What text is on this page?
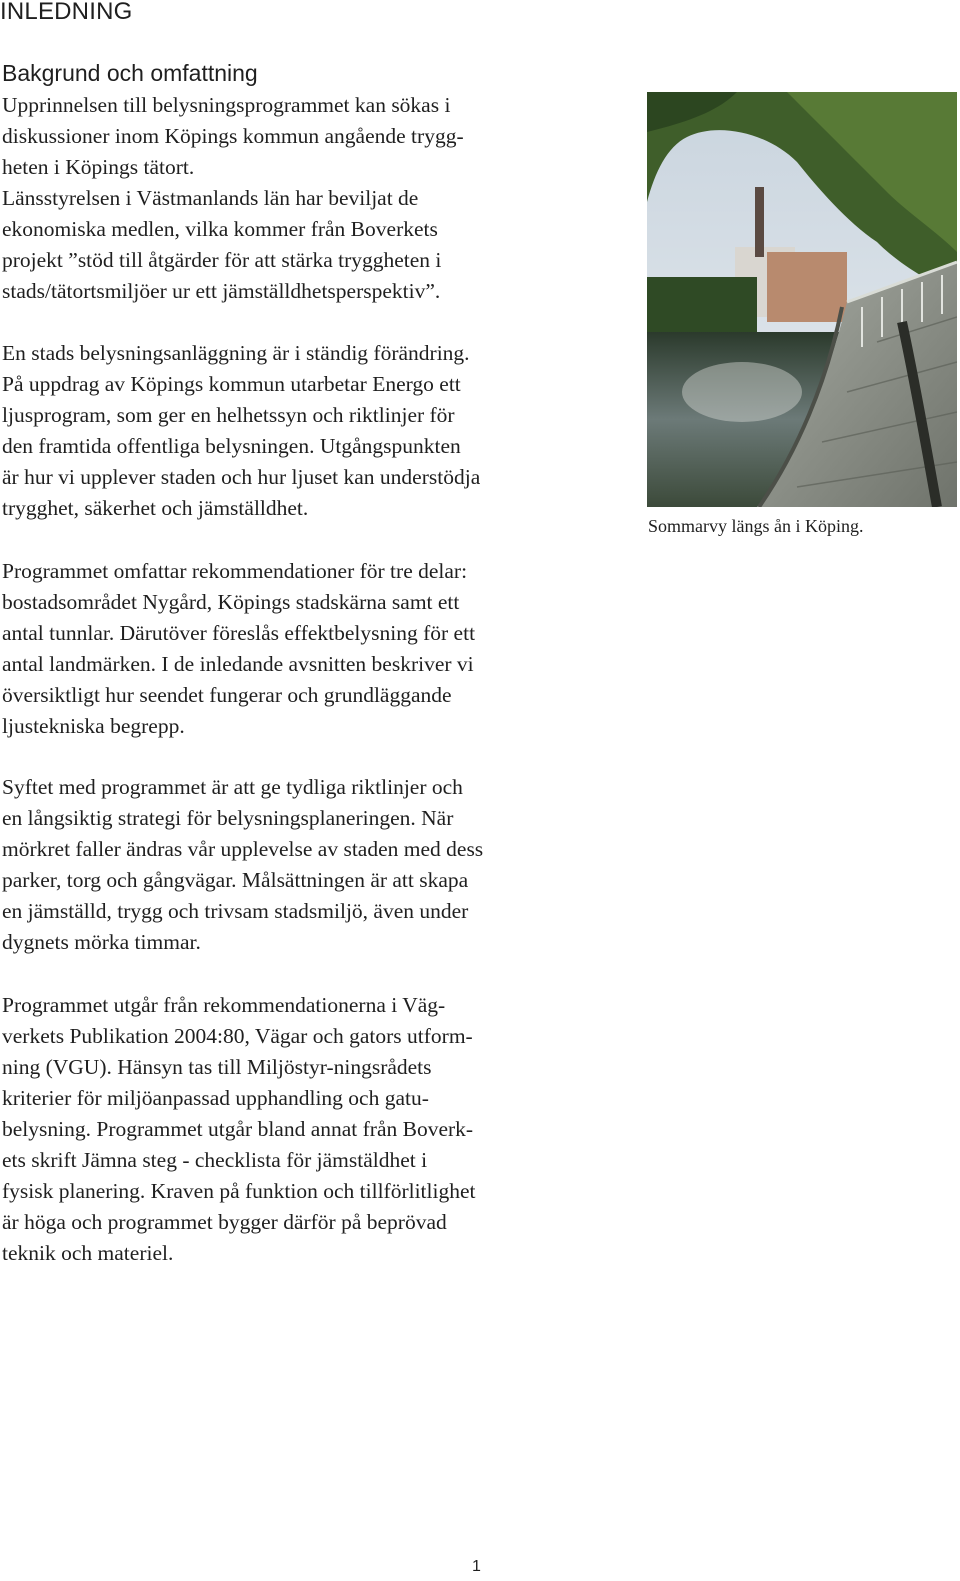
INLEDNING
Bakgrund och omfattning

Upprinnelsen till belysningsprogrammet kan sökas i
diskussioner inom Köpings kommun angående trygg-
heten i Köpings tätort.
Länsstyrelsen i Västmanlands län har beviljat de
ekonomiska medlen, vilka kommer från Boverkets
projekt ”stöd till åtgärder för att stärka tryggheten i
stads/tätortsmiljöer ur ett jämställdhetsperspektiv”.

En stads belysningsanläggning är i ständig förändring.
På uppdrag av Köpings kommun utarbetar Energo ett
ljusprogram, som ger en helhetssyn och riktlinjer för
den framtida offentliga belysningen. Utgångspunkten
är hur vi upplever staden och hur ljuset kan understödja
trygghet, säkerhet och jämställdhet.

Programmet omfattar rekommendationer för tre delar:
bostadsområdet Nygård, Köpings stadskärna samt ett
antal tunnlar. Därutöver föreslås effektbelysning för ett
antal landmärken. I de inledande avsnitten beskriver vi
översiktligt hur seendet fungerar och grundläggande
ljustekniska begrepp.

Syftet med programmet är att ge tydliga riktlinjer och
en långsiktig strategi för belysningsplaneringen. När
mörkret faller ändras vår upplevelse av staden med dess
parker, torg och gångvägar. Målsättningen är att skapa
en jämställd, trygg och trivsam stadsmiljö, även under
dygnets mörka timmar.

Programmet utgår från rekommendationerna i Väg-
verkets Publikation 2004:80, Vägar och gators utform-
ning (VGU). Hänsyn tas till Miljöstyr-ningsrådets
kriterier för miljöanpassad upphandling och gatu-
belysning. Programmet utgår bland annat från Boverk-
ets skrift Jämna steg - checklista för jämstäldhet i
fysisk planering. Kraven på funktion och tillförlitlighet
är höga och programmet bygger därför på beprövad
teknik och materiel.

Sommarvy längs ån i Köping.

1
